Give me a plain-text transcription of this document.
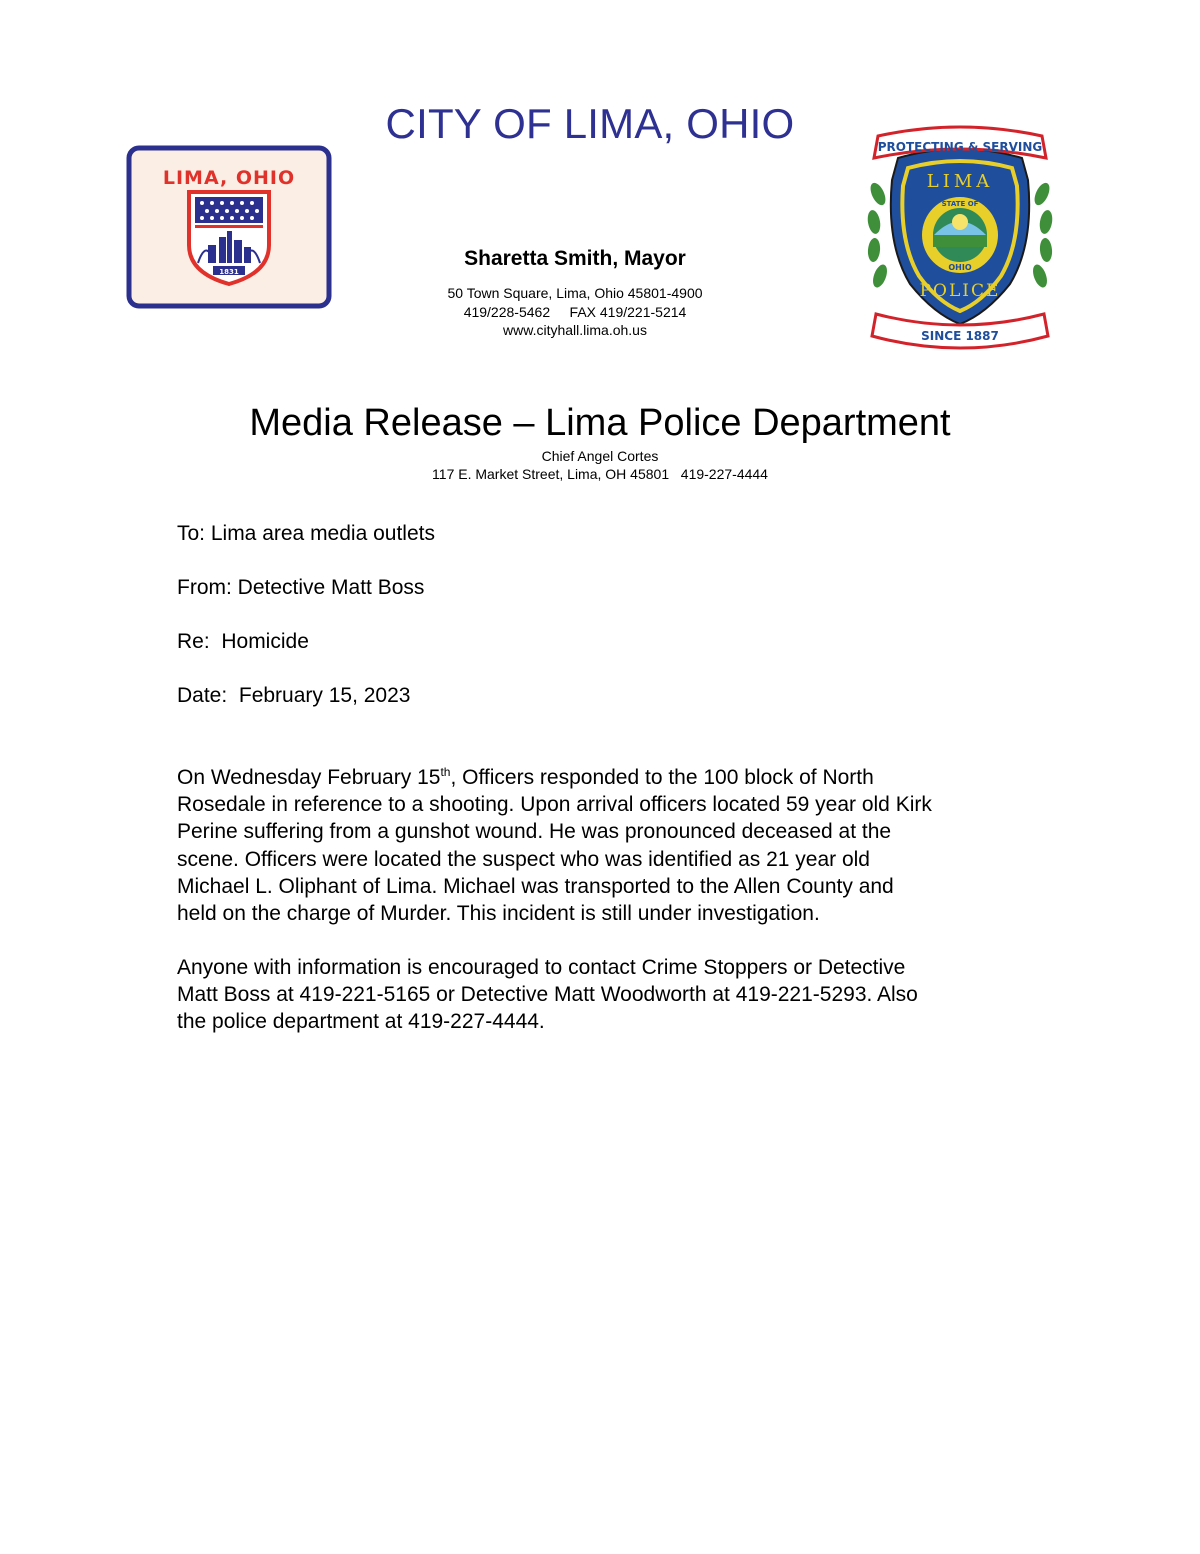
CITY OF LIMA, OHIO
LIMA, OHIO
1831
Sharetta Smith, Mayor
50 Town Square, Lima, Ohio 45801-4900
419/228-5462     FAX 419/221-5214
www.cityhall.lima.oh.us
PROTECTING & SERVING
LIMA
STATE OF
OHIO
POLICE
SINCE 1887
Media Release – Lima Police Department
Chief Angel Cortes
117 E. Market Street, Lima, OH 45801   419-227-4444
To: Lima area media outlets
From: Detective Matt Boss
Re:  Homicide
Date:  February 15, 2023

On Wednesday February 15th, Officers responded to the 100 block of North

Rosedale in reference to a shooting. Upon arrival officers located 59 year old Kirk

Perine suffering from a gunshot wound. He was pronounced deceased at the

scene. Officers were located the suspect who was identified as 21 year old

Michael L. Oliphant of Lima. Michael was transported to the Allen County and

held on the charge of Murder. This incident is still under investigation.

Anyone with information is encouraged to contact Crime Stoppers or Detective

Matt Boss at 419-221-5165 or Detective Matt Woodworth at 419-221-5293. Also

the police department at 419-227-4444.
